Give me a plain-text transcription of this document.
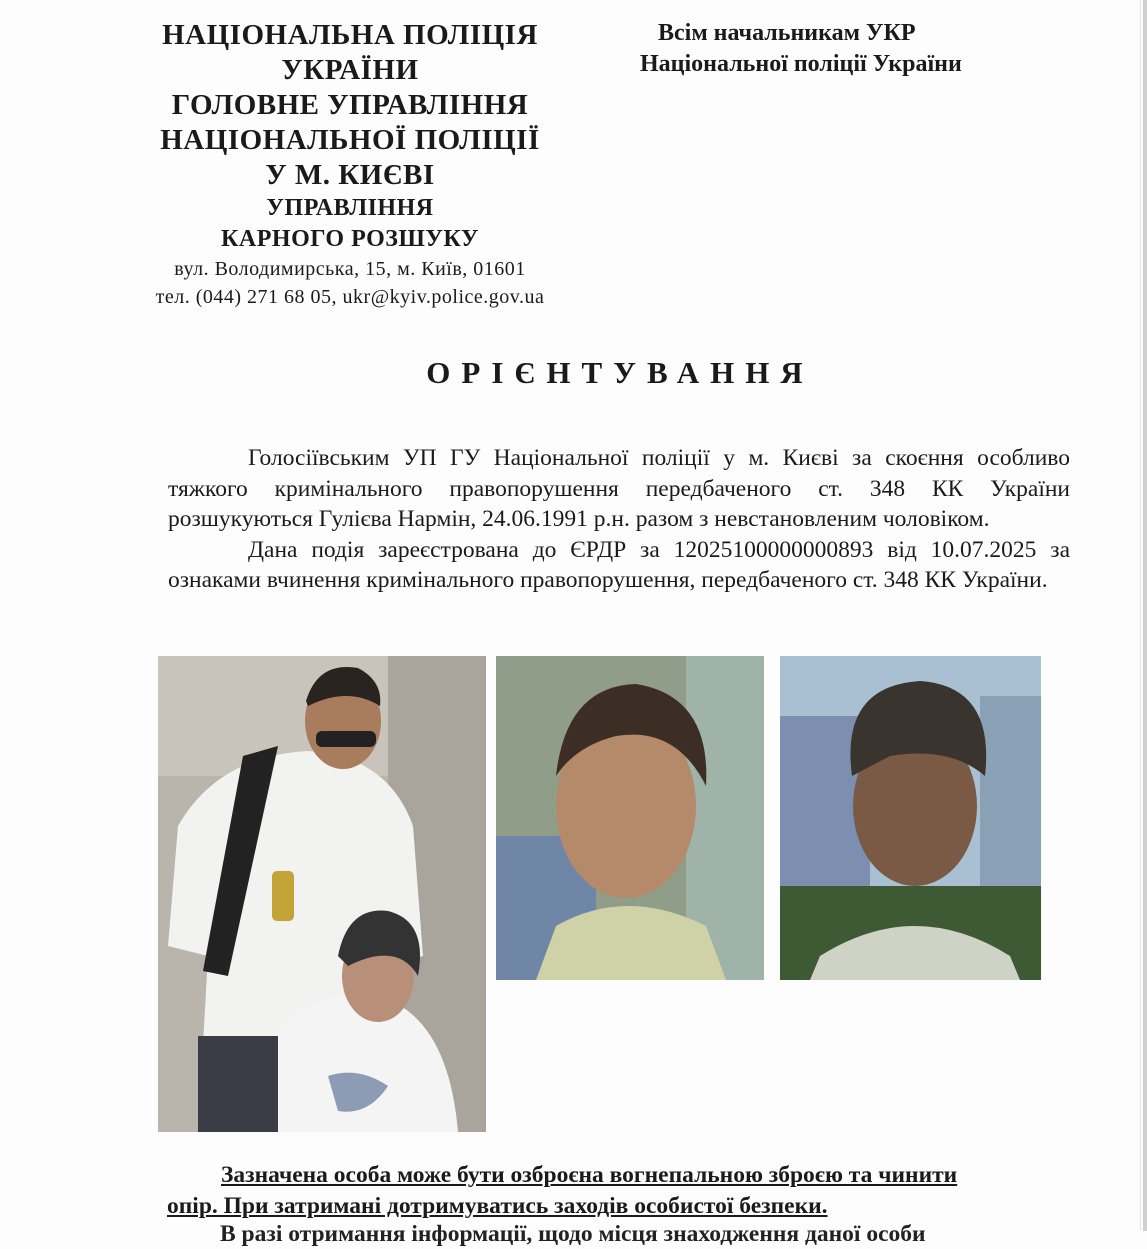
НАЦІОНАЛЬНА ПОЛІЦІЯ
УКРАЇНИ
ГОЛОВНЕ УПРАВЛІННЯ
НАЦІОНАЛЬНОЇ ПОЛІЦІЇ
У М. КИЄВІ
УПРАВЛІННЯ
КАРНОГО РОЗШУКУ
вул. Володимирська, 15, м. Київ, 01601
тел. (044) 271 68 05, ukr@kyiv.police.gov.ua
Всім начальникам УКР
Національної поліції України
ОРІЄНТУВАННЯ

Голосіївським УП ГУ Національної поліції у м. Києві за скоєння особливо тяжкого кримінального правопорушення передбаченого ст. 348 КК України розшукуються Гулієва Нармін, 24.06.1991 р.н. разом з невстановленим чоловіком.

Дана подія зареєстрована до ЄРДР за 12025100000000893 від 10.07.2025 за ознаками вчинення кримінального правопорушення, передбаченого ст. 348 КК України.

Зазначена особа може бути озброєна вогнепальною зброєю та чинити

опір. При затримані дотримуватись заходів особистої безпеки.

В разі отримання інформації, щодо місця знаходження даної особи
